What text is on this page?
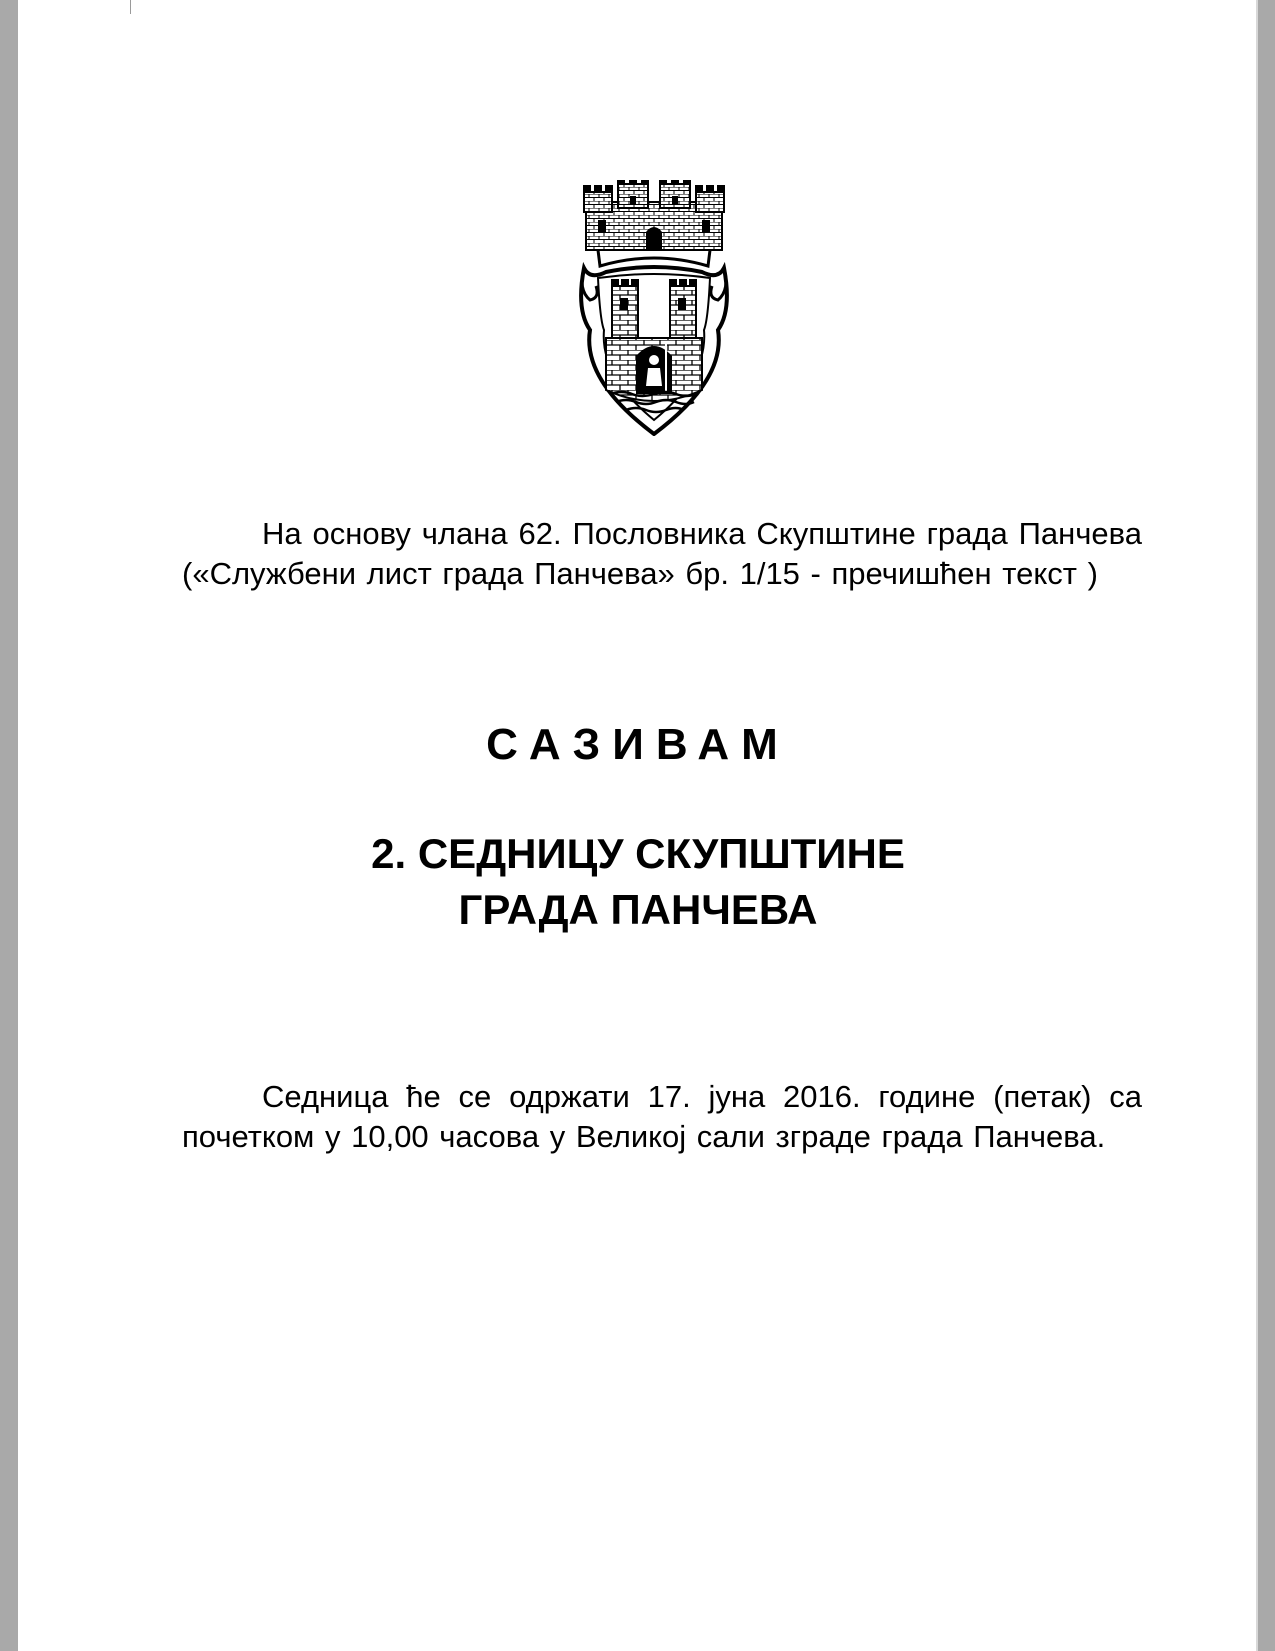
На основу члана 62. Пословника Скупштине града Панчева («Службени лист града Панчева» бр. 1/15 - пречишћен текст )

САЗИВАМ
2. СЕДНИЦУ СКУПШТИНЕ
ГРАДА ПАНЧЕВА

Седница ће се одржати 17. јуна 2016. године (петак) са почетком у 10,00 часова у Великој сали зграде града Панчева.
